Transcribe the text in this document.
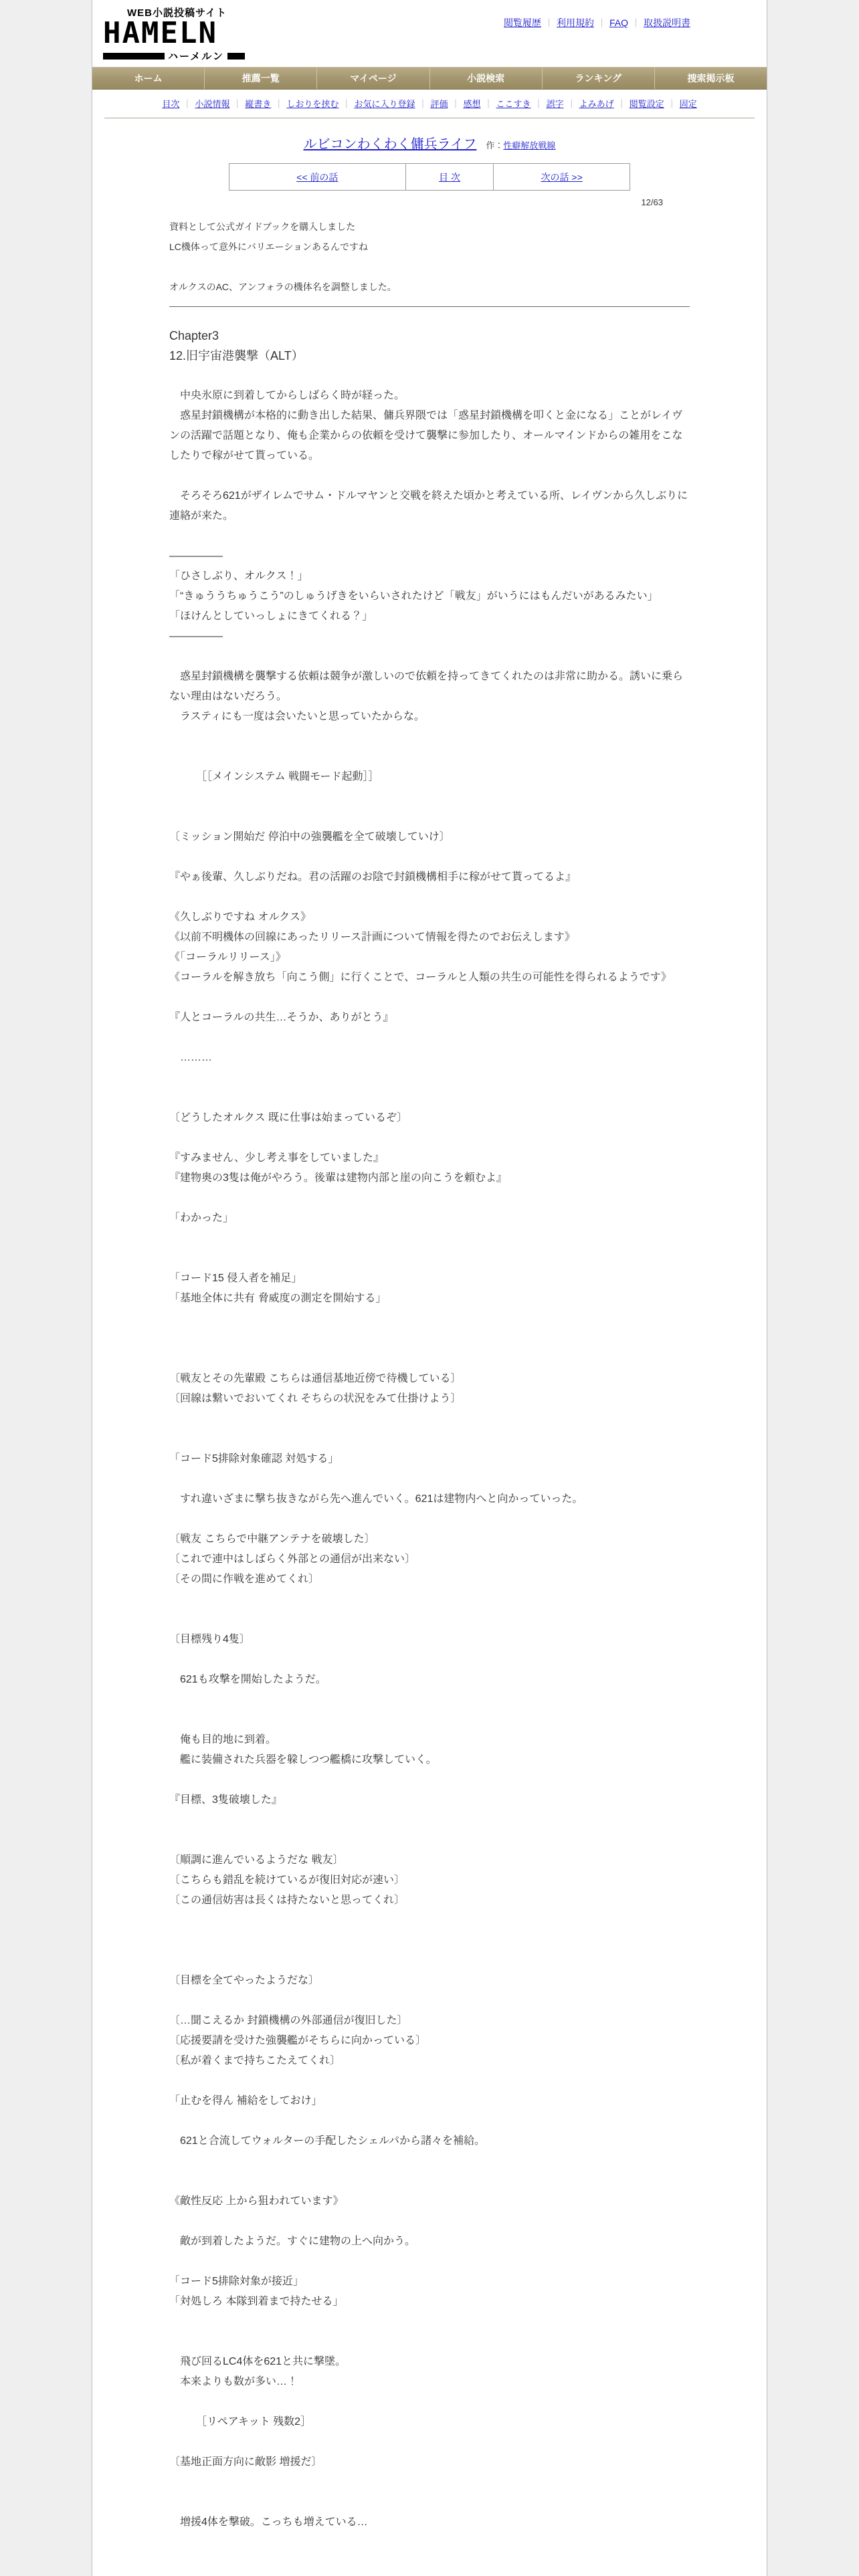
WEB小説投稿サイト
HAMELN
ハーメルン
閲覧履歴 ｜ 利用規約 ｜ FAQ ｜ 取扱説明書
ホーム	推薦一覧	マイページ	小説検索	ランキング	捜索掲示板
目次 ｜ 小説情報 ｜ 縦書き ｜ しおりを挟む ｜ お気に入り登録 ｜ 評価 ｜ 感想 ｜ ここすき ｜ 誤字 ｜ よみあげ ｜ 閲覧設定 ｜ 固定
ルビコンわくわく傭兵ライフ 作：性癖解放戦線
<< 前の話	目 次	次の話 >>
12/63

資料として公式ガイドブックを購入しました

LC機体って意外にバリエーションあるんですね

オルクスのAC、アンフォラの機体名を調整しました。

Chapter3

12.旧宇宙港襲撃（ALT）

　中央氷原に到着してからしばらく時が経った。

　惑星封鎖機構が本格的に動き出した結果、傭兵界隈では「惑星封鎖機構を叩くと金になる」ことがレイヴンの活躍で話題となり、俺も企業からの依頼を受けて襲撃に参加したり、オールマインドからの雑用をこなしたりで稼がせて貰っている。

　そろそろ621がザイレムでサム・ドルマヤンと交戦を終えた頃かと考えている所、レイヴンから久しぶりに連絡が来た。

―――――

「ひさしぶり、オルクス！」

「“きゅううちゅうこう”のしゅうげきをいらいされたけど「戦友」がいうにはもんだいがあるみたい」

「ほけんとしていっしょにきてくれる？」

―――――

　惑星封鎖機構を襲撃する依頼は競争が激しいので依頼を持ってきてくれたのは非常に助かる。誘いに乗らない理由はないだろう。

　ラスティにも一度は会いたいと思っていたからな。

　　　［［メインシステム 戦闘モード起動］］

〔ミッション開始だ 停泊中の強襲艦を全て破壊していけ〕

『やぁ後輩、久しぶりだね。君の活躍のお陰で封鎖機構相手に稼がせて貰ってるよ』

《久しぶりですね オルクス》

《以前不明機体の回線にあったリリース計画について情報を得たのでお伝えします》

《「コーラルリリース」》

《コーラルを解き放ち「向こう側」に行くことで、コーラルと人類の共生の可能性を得られるようです》

『人とコーラルの共生…そうか、ありがとう』

　………

〔どうしたオルクス 既に仕事は始まっているぞ〕

『すみません、少し考え事をしていました』

『建物奥の3隻は俺がやろう。後輩は建物内部と崖の向こうを頼むよ』

「わかった」

「コード15 侵入者を補足」

「基地全体に共有 脅威度の測定を開始する」

〔戦友とその先輩殿 こちらは通信基地近傍で待機している〕

〔回線は繋いでおいてくれ そちらの状況をみて仕掛けよう〕

「コード5排除対象確認 対処する」

　すれ違いざまに撃ち抜きながら先へ進んでいく。621は建物内へと向かっていった。

〔戦友 こちらで中継アンテナを破壊した〕

〔これで連中はしばらく外部との通信が出来ない〕

〔その間に作戦を進めてくれ〕

〔目標残り4隻〕

　621も攻撃を開始したようだ。

　俺も目的地に到着。

　艦に装備された兵器を躱しつつ艦橋に攻撃していく。

『目標、3隻破壊した』

〔順調に進んでいるようだな 戦友〕

〔こちらも錯乱を続けているが復旧対応が速い〕

〔この通信妨害は長くは持たないと思ってくれ〕

〔目標を全てやったようだな〕

〔…聞こえるか 封鎖機構の外部通信が復旧した〕

〔応援要請を受けた強襲艦がそちらに向かっている〕

〔私が着くまで持ちこたえてくれ〕

「止むを得ん 補給をしておけ」

　621と合流してウォルターの手配したシェルパから諸々を補給。

《敵性反応 上から狙われています》

　敵が到着したようだ。すぐに建物の上へ向かう。

「コード5排除対象が接近」

「対処しろ 本隊到着まで持たせる」

　飛び回るLC4体を621と共に撃墜。

　本来よりも数が多い…！

　　　［リペアキット 残数2］

〔基地正面方向に敵影 増援だ〕

　増援4体を撃破。こっちも増えている…
